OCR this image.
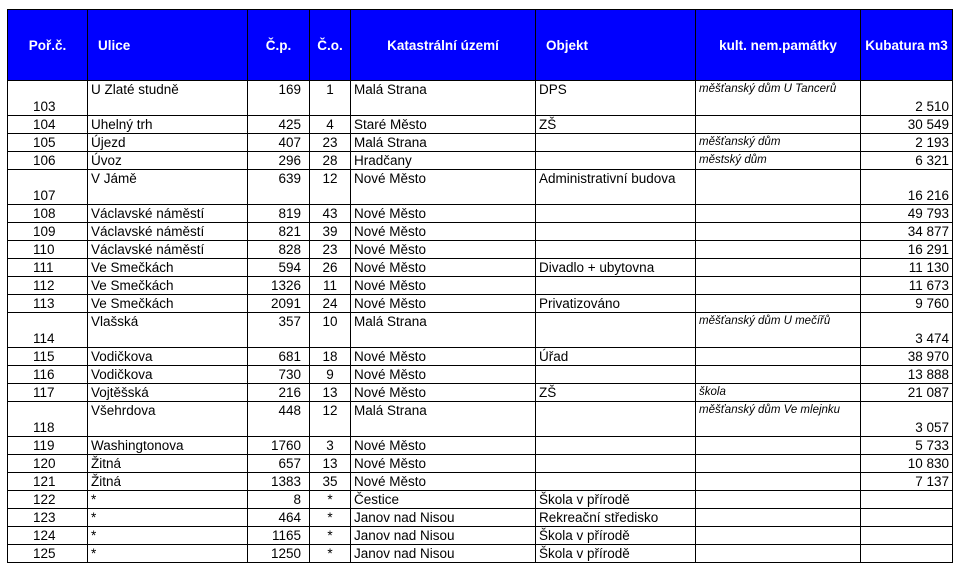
Poř.č.	Ulice	Č.p.	Č.o.	Katastrální území	Objekt	kult. nem.památky	Kubatura m3
103	U Zlaté studně	169	1	Malá Strana	DPS	měšťanský dům U Tancerů	2 510
104	Uhelný trh	425	4	Staré Město	ZŠ		30 549
105	Újezd	407	23	Malá Strana		měšťanský dům	2 193
106	Úvoz	296	28	Hradčany		městský dům	6 321
107	V Jámě	639	12	Nové Město	Administrativní budova		16 216
108	Václavské náměstí	819	43	Nové Město			49 793
109	Václavské náměstí	821	39	Nové Město			34 877
110	Václavské náměstí	828	23	Nové Město			16 291
111	Ve Smečkách	594	26	Nové Město	Divadlo + ubytovna		11 130
112	Ve Smečkách	1326	11	Nové Město			11 673
113	Ve Smečkách	2091	24	Nové Město	Privatizováno		9 760
114	Vlašská	357	10	Malá Strana		měšťanský dům U mečířů	3 474
115	Vodičkova	681	18	Nové Město	Úřad		38 970
116	Vodičkova	730	9	Nové Město			13 888
117	Vojtěšská	216	13	Nové Město	ZŠ	škola	21 087
118	Všehrdova	448	12	Malá Strana		měšťanský dům Ve mlejnku	3 057
119	Washingtonova	1760	3	Nové Město			5 733
120	Žitná	657	13	Nové Město			10 830
121	Žitná	1383	35	Nové Město			7 137
122	*	8	*	Čestice	Škola v přírodě		
123	*	464	*	Janov nad Nisou	Rekreační středisko		
124	*	1165	*	Janov nad Nisou	Škola v přírodě		
125	*	1250	*	Janov nad Nisou	Škola v přírodě		
